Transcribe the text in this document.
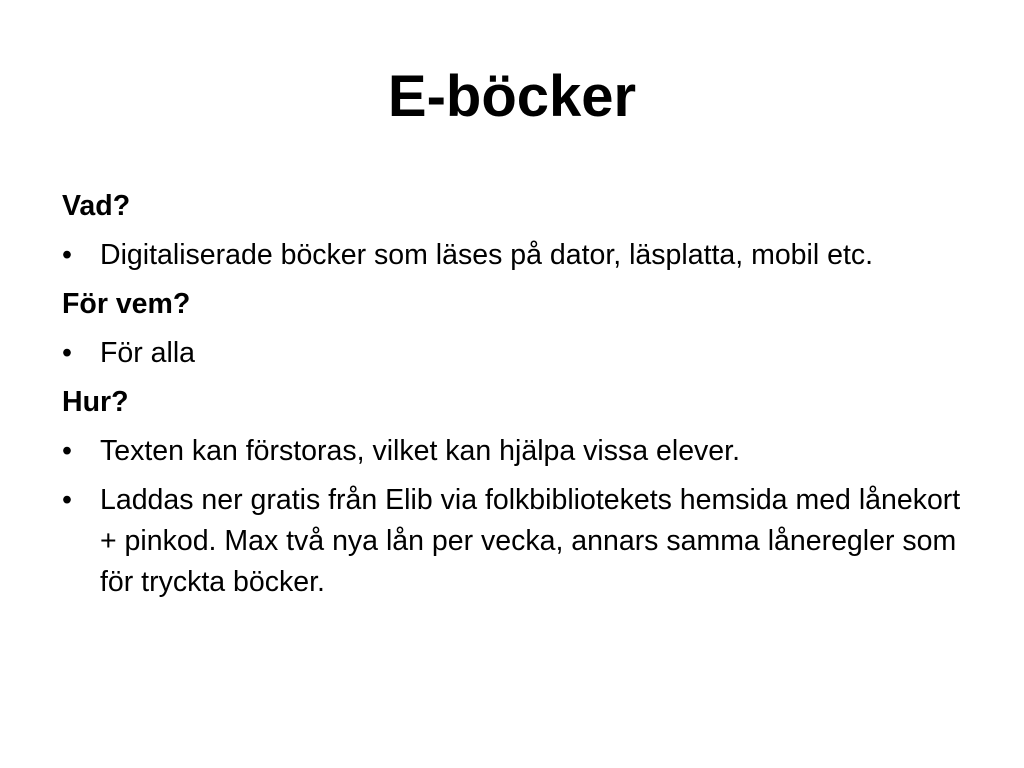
E-böcker
Vad?
• Digitaliserade böcker som läses på dator, läsplatta, mobil etc.
För vem?
• För alla
Hur?
• Texten kan förstoras, vilket kan hjälpa vissa elever.
• Laddas ner gratis från Elib via folkbibliotekets hemsida med lånekort + pinkod. Max två nya lån per vecka, annars samma låneregler som för tryckta böcker.
